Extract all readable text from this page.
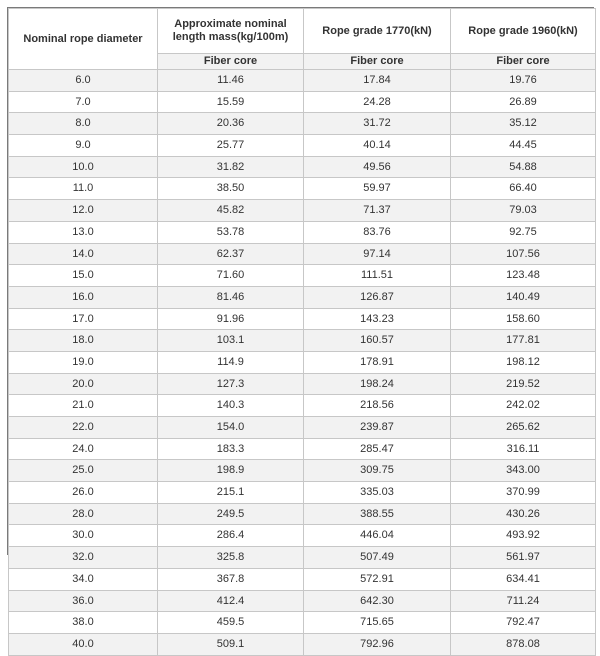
Nominal rope diameter	Approximate nominal length mass(kg/100m)	Rope grade 1770(kN)	Rope grade 1960(kN)
	Fiber core	Fiber core	Fiber core
6.0	11.46	17.84	19.76
7.0	15.59	24.28	26.89
8.0	20.36	31.72	35.12
9.0	25.77	40.14	44.45
10.0	31.82	49.56	54.88
11.0	38.50	59.97	66.40
12.0	45.82	71.37	79.03
13.0	53.78	83.76	92.75
14.0	62.37	97.14	107.56
15.0	71.60	111.51	123.48
16.0	81.46	126.87	140.49
17.0	91.96	143.23	158.60
18.0	103.1	160.57	177.81
19.0	114.9	178.91	198.12
20.0	127.3	198.24	219.52
21.0	140.3	218.56	242.02
22.0	154.0	239.87	265.62
24.0	183.3	285.47	316.11
25.0	198.9	309.75	343.00
26.0	215.1	335.03	370.99
28.0	249.5	388.55	430.26
30.0	286.4	446.04	493.92
32.0	325.8	507.49	561.97
34.0	367.8	572.91	634.41
36.0	412.4	642.30	711.24
38.0	459.5	715.65	792.47
40.0	509.1	792.96	878.08
